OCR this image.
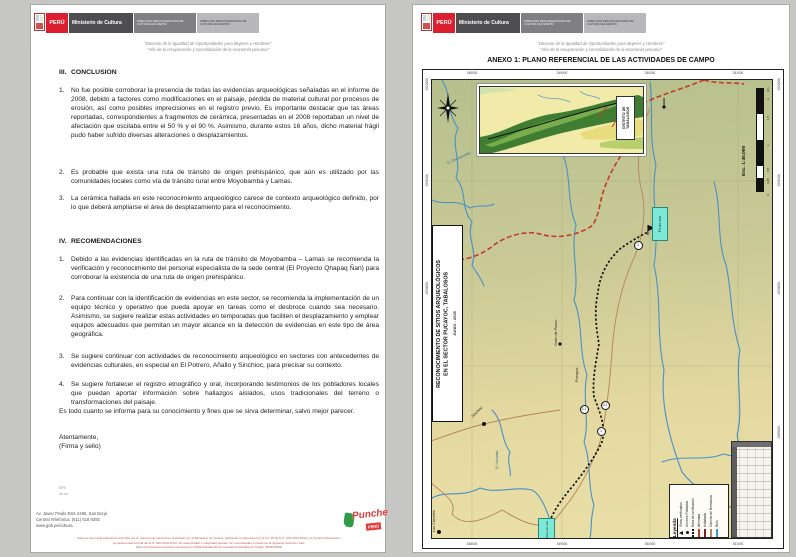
PERÚ	Ministerio de Cultura	DIRECCIÓN DESCONCENTRADA DE CULTURA SAN MARTÍN
DIRECCIÓN DESCONCENTRADA DE CULTURA SAN MARTÍN
"Decenio de la Igualdad de Oportunidades para Mujeres y Hombres"
"Año de la recuperación y consolidación de la economía peruana"
III. CONCLUSION
1. No fue posible corroborar la presencia de todas las evidencias arqueológicas señaladas en el informe de 2008, debido a factores como modificaciones en el paisaje, pérdida de material cultural por procesos de erosión, así como posibles imprecisiones en el registro previo. Es importante destacar que las áreas reportadas, correspondientes a fragmentos de cerámica, presentadas en el 2008 reportaban un nivel de afectación que oscilaba entre el 50 % y el 90 %. Asimismo, durante estos 16 años, dicho material frágil pudo haber sufrido diversas alteraciones o desplazamientos.
2. Es probable que exista una ruta de tránsito de origen prehispánico, que aún es utilizado por las comunidades locales como vía de tránsito rural entre Moyobamba y Lamas.
3. La cerámica hallada en este reconocimiento arqueológico carece de contexto arqueológico definido, por lo que deberá ampliarse el área de desplazamiento para el reconocimiento.
IV. RECOMENDACIONES
1. Debido a las evidencias identificadas en la ruta de tránsito de Moyobamba – Lamas se recomienda la verificación y reconocimiento del personal especialista de la sede central (El Proyecto Qhapaq Ñan) para corroborar la existencia de una ruta de origen prehispánico.
2. Para continuar con la identificación de evidencias en este sector, se recomienda la implementación de un equipo técnico y operativo que pueda apoyar en tareas como el desbroce cuando sea necesario. Asimismo, se sugiere realizar estas actividades en temporadas que faciliten el desplazamiento y emplear equipos adecuados que permitan un mayor alcance en la detección de evidencias en este tipo de área geográfica.
3. Se sugiere continuar con actividades de reconocimiento arqueológico en sectores con antecedentes de evidencias culturales, en especial en El Potrero, Añallo y Sinchioc, para precisar su contexto.
4. Se sugiere fortalecer el registro etnográfico y oral, incorporando testimonios de los pobladores locales que puedan aportar información sobre hallazgos aislados, usos tradicionales del terreno o transformaciones del paisaje.
Es todo cuanto se informa para su conocimiento y fines que se sirva determinar, salvo mejor parecer.
Atentamente,
(Firma y sello)
DFS
cc: cc:
Av. Javier Prado Este 2465, San Borja
Central Telefónica: (511) 618 9393
www.gob.pe/cultura
Esta es una copia auténtica imprimible de un documento electrónico archivado por el Ministerio de Cultura, aplicando lo dispuesto por el Art. 25 de D.S. 070-2013-PCM y la Tercera Disposición
Complementaria Final del D.S. 026-2016-PCM. Su autenticidad e integridad pueden ser contrastadas a través de la siguiente dirección web:
https://tramitedocumentario.cultura.gob.pe:8181/validadorDocumental/inicio/detalle.jsf Código: BCRQHWN
Punche
PERÚ
PERÚ	Ministerio de Cultura	DIRECCIÓN DESCONCENTRADA DE CULTURA SAN MARTÍN
DIRECCIÓN DESCONCENTRADA DE CULTURA SAN MARTÍN
"Decenio de la Igualdad de Oportunidades para Mujeres y Hombres"
"Año de la recuperación y consolidación de la economía peruana"
ANEXO 1: PLANO REFERENCIAL DE LAS ACTIVIDADES DE CAMPO
348000	349000	350000	351000
348000	349000	350000	351000
9292000
9291000
9290000
9292000
9291000
9290000
9289000
DISTRITO DE TABALOSOS
RECONOCIMIENTO DE SITIOS ARQUEOLÓGICOS EN EL SECTOR PUCAYOC, TABALOSOS JUNIO - 2025
Esc. 1:40,000
Km
2
1.5
1
0.5
0.25
0
Leyenda
Sitios verificados Centros Poblados Ruta de verificación Afirmada Asfaltada Camino de Herradura Ríos
Fin de ruta
Inicio de ruta
1
2.1
2.2
3
Cerro de Pasco
Pucayoc
Sinchioc
Los Claveles
Q. Quecuarañilla
Q. Urcupata
